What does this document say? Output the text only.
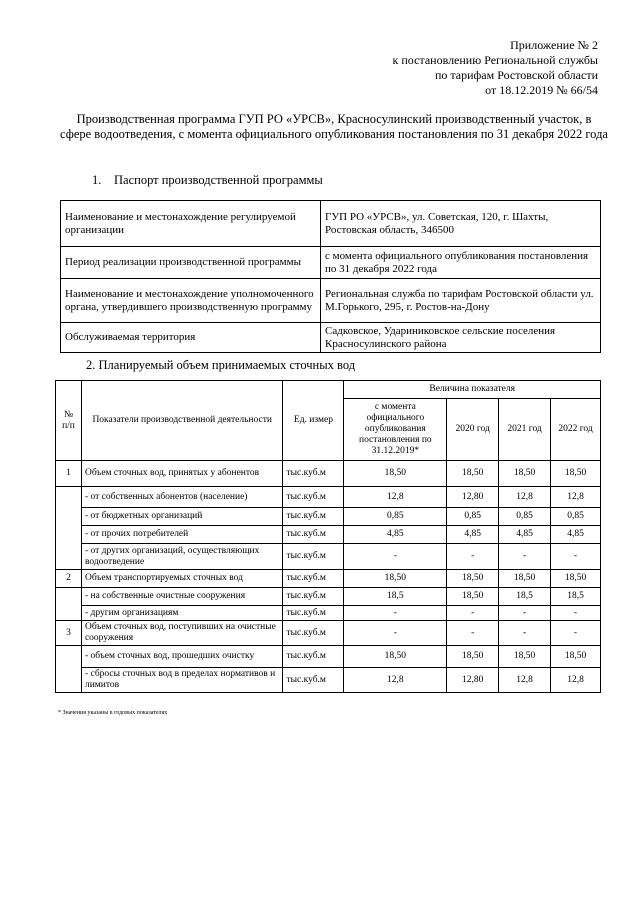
Приложение № 2
к постановлению Региональной службы
по тарифам Ростовской области
от 18.12.2019 № 66/54
Производственная программа ГУП РО «УРСВ», Красносулинский производственный участок, в сфере водоотведения, с момента официального опубликования постановления по 31 декабря 2022 года
1. Паспорт производственной программы
Наименование и местонахождение регулируемой организации	ГУП РО «УРСВ», ул. Советская, 120, г. Шахты, Ростовская область, 346500
Период реализации производственной программы	с момента официального опубликования постановления по 31 декабря 2022 года
Наименование и местонахождение уполномоченного органа, утвердившего производственную программу	Региональная служба по тарифам Ростовской области ул. М.Горького, 295, г. Ростов-на-Дону
Обслуживаемая территория	Садковское, Удариниковское сельские поселения Красносулинского района
2. Планируемый объем принимаемых сточных вод
№ п/п	Показатели производственной деятельности	Ед. измер	Величина показателя			
			с момента официального опубликования постановления по 31.12.2019*	2020 год	2021 год	2022 год
1	Объем сточных вод, принятых у абонентов	тыс.куб.м	18,50	18,50	18,50	18,50
	- от собственных абонентов (население)	тыс.куб.м	12,8	12,80	12,8	12,8
	- от бюджетных организаций	тыс.куб.м	0,85	0,85	0,85	0,85
	- от прочих потребителей	тыс.куб.м	4,85	4,85	4,85	4,85
	- от других организаций, осуществляющих водоотведение	тыс.куб.м	-	-	-	-
2	Объем транспортируемых сточных вод	тыс.куб.м	18,50	18,50	18,50	18,50
	- на собственные очистные сооружения	тыс.куб.м	18,5	18,50	18,5	18,5
	- другим организациям	тыс.куб.м	-	-	-	-
3	Объем сточных вод, поступивших на очистные сооружения	тыс.куб.м	-	-	-	-
	- объем сточных вод, прошедших очистку	тыс.куб.м	18,50	18,50	18,50	18,50
	- сбросы сточных вод в пределах нормативов и лимитов	тыс.куб.м	12,8	12,80	12,8	12,8
* Значения указаны в годовых показателях
